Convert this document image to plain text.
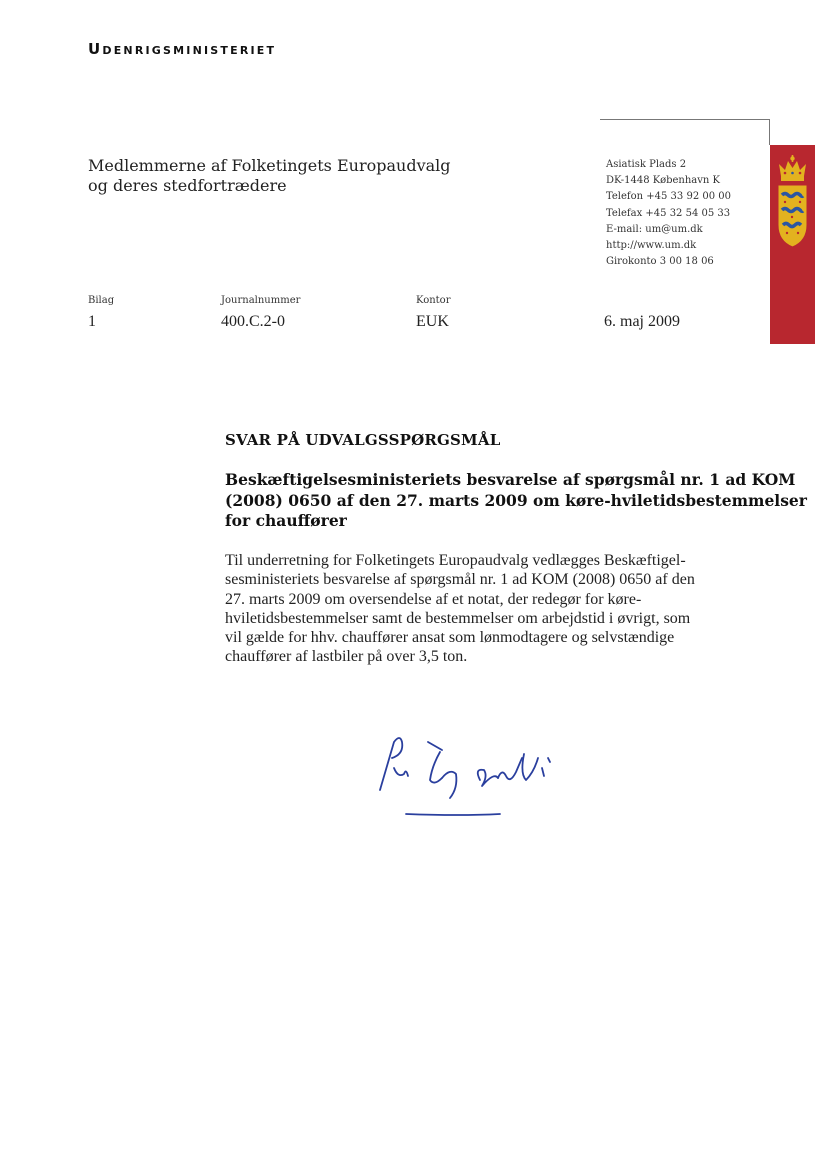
Udenrigsministeriet
Medlemmerne af Folketingets Europaudvalg
og deres stedfortrædere
Asiatisk Plads 2
DK-1448 København K
Telefon +45 33 92 00 00
Telefax +45 32 54 05 33
E-mail: um@um.dk
http://www.um.dk
Girokonto 3 00 18 06
Bilag
1
Journalnummer
400.C.2-0
Kontor
EUK	6. maj 2009
SVAR PÅ UDVALGSSPØRGSMÅL
Beskæftigelsesministeriets besvarelse af spørgsmål nr. 1 ad KOM
(2008) 0650 af den 27. marts 2009 om køre-hviletidsbestemmelser
for chauffører
Til underretning for Folketingets Europaudvalg vedlægges Beskæftigel-
sesministeriets besvarelse af spørgsmål nr. 1 ad KOM (2008) 0650 af den
27. marts 2009 om oversendelse af et notat, der redegør for køre-
hviletidsbestemmelser samt de bestemmelser om arbejdstid i øvrigt, som
vil gælde for hhv. chauffører ansat som lønmodtagere og selvstændige
chauffører af lastbiler på over 3,5 ton.
